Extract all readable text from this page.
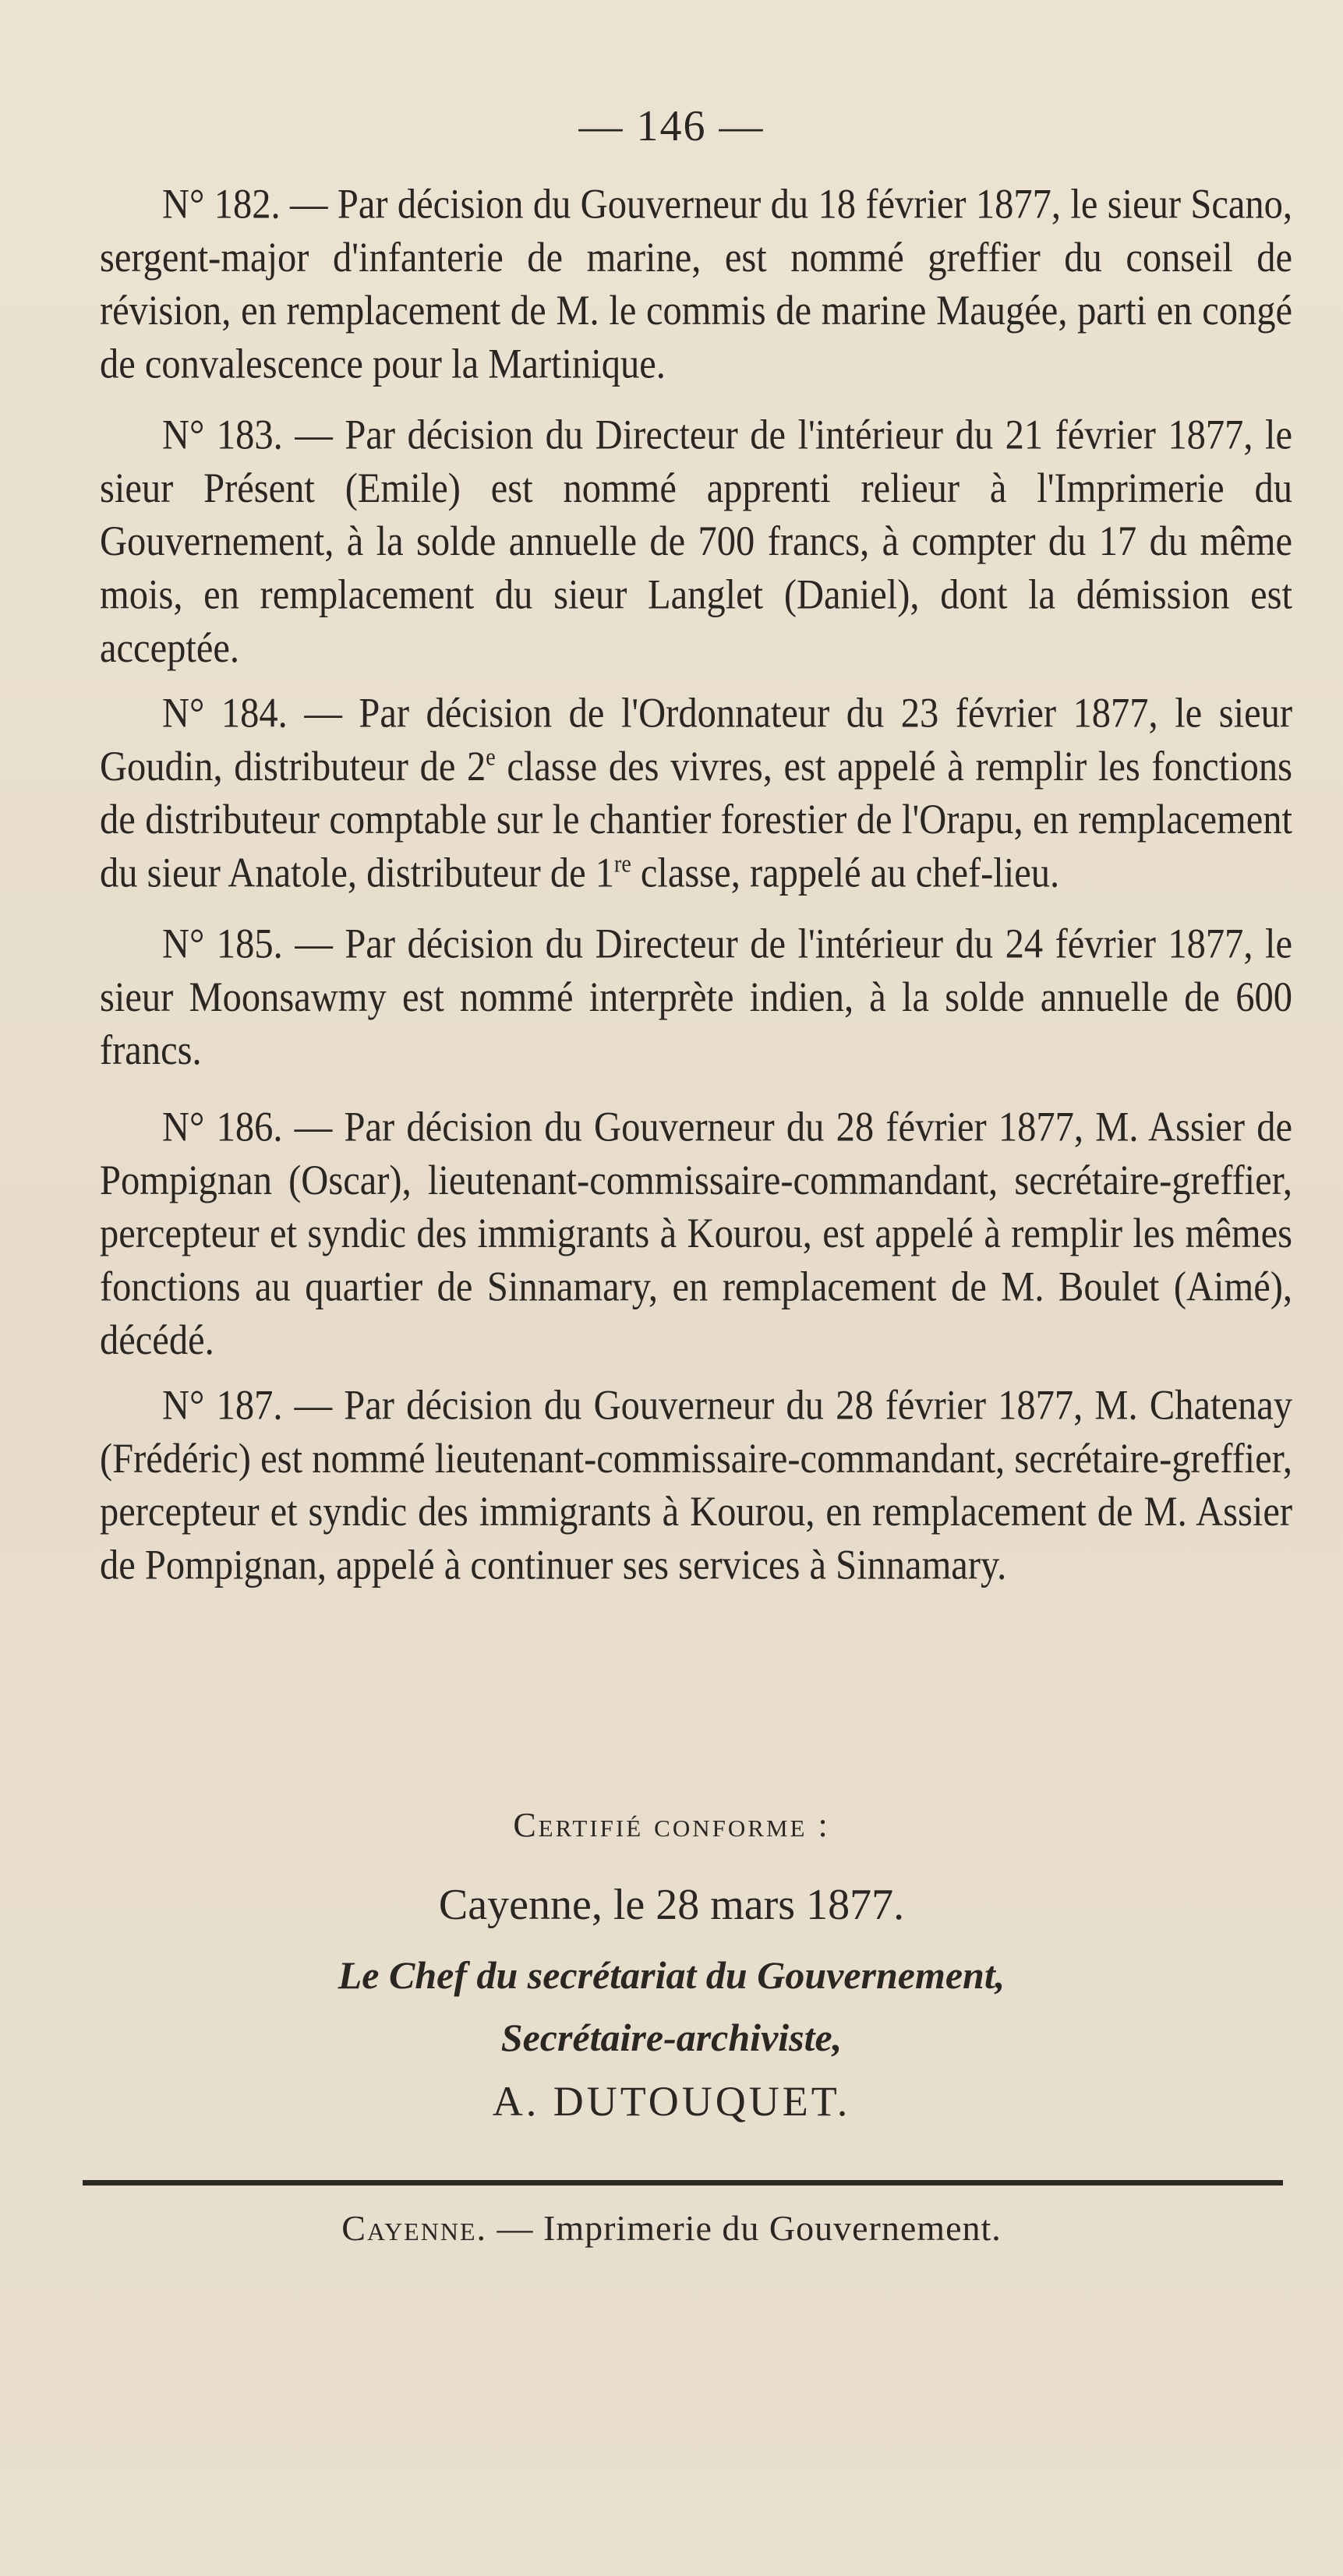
— 146 —

N° 182. — Par décision du Gouverneur du 18 février 1877, le sieur Scano, sergent-major d'infanterie de marine, est nommé greffier du conseil de révision, en remplacement de M. le commis de marine Maugée, parti en congé de convalescence pour la Martinique.

N° 183. — Par décision du Directeur de l'intérieur du 21 février 1877, le sieur Présent (Emile) est nommé apprenti relieur à l'Imprimerie du Gouvernement, à la solde annuelle de 700 francs, à compter du 17 du même mois, en remplacement du sieur Langlet (Daniel), dont la démission est acceptée.

N° 184. — Par décision de l'Ordonnateur du 23 février 1877, le sieur Goudin, distributeur de 2e classe des vivres, est appelé à remplir les fonctions de distributeur comptable sur le chantier forestier de l'Orapu, en remplacement du sieur Anatole, distributeur de 1re classe, rappelé au chef-lieu.

N° 185. — Par décision du Directeur de l'intérieur du 24 février 1877, le sieur Moonsawmy est nommé interprète indien, à la solde annuelle de 600 francs.

N° 186. — Par décision du Gouverneur du 28 février 1877, M. Assier de Pompignan (Oscar), lieutenant-commissaire-commandant, secrétaire-greffier, percepteur et syndic des immigrants à Kourou, est appelé à remplir les mêmes fonctions au quartier de Sinnamary, en remplacement de M. Boulet (Aimé), décédé.

N° 187. — Par décision du Gouverneur du 28 février 1877, M. Chatenay (Frédéric) est nommé lieutenant-commissaire-commandant, secrétaire-greffier, percepteur et syndic des immigrants à Kourou, en remplacement de M. Assier de Pompignan, appelé à continuer ses services à Sinnamary.

Certifié conforme :
Cayenne, le 28 mars 1877.
Le Chef du secrétariat du Gouvernement,
Secrétaire-archiviste,
A. DUTOUQUET.
Cayenne. — Imprimerie du Gouvernement.
